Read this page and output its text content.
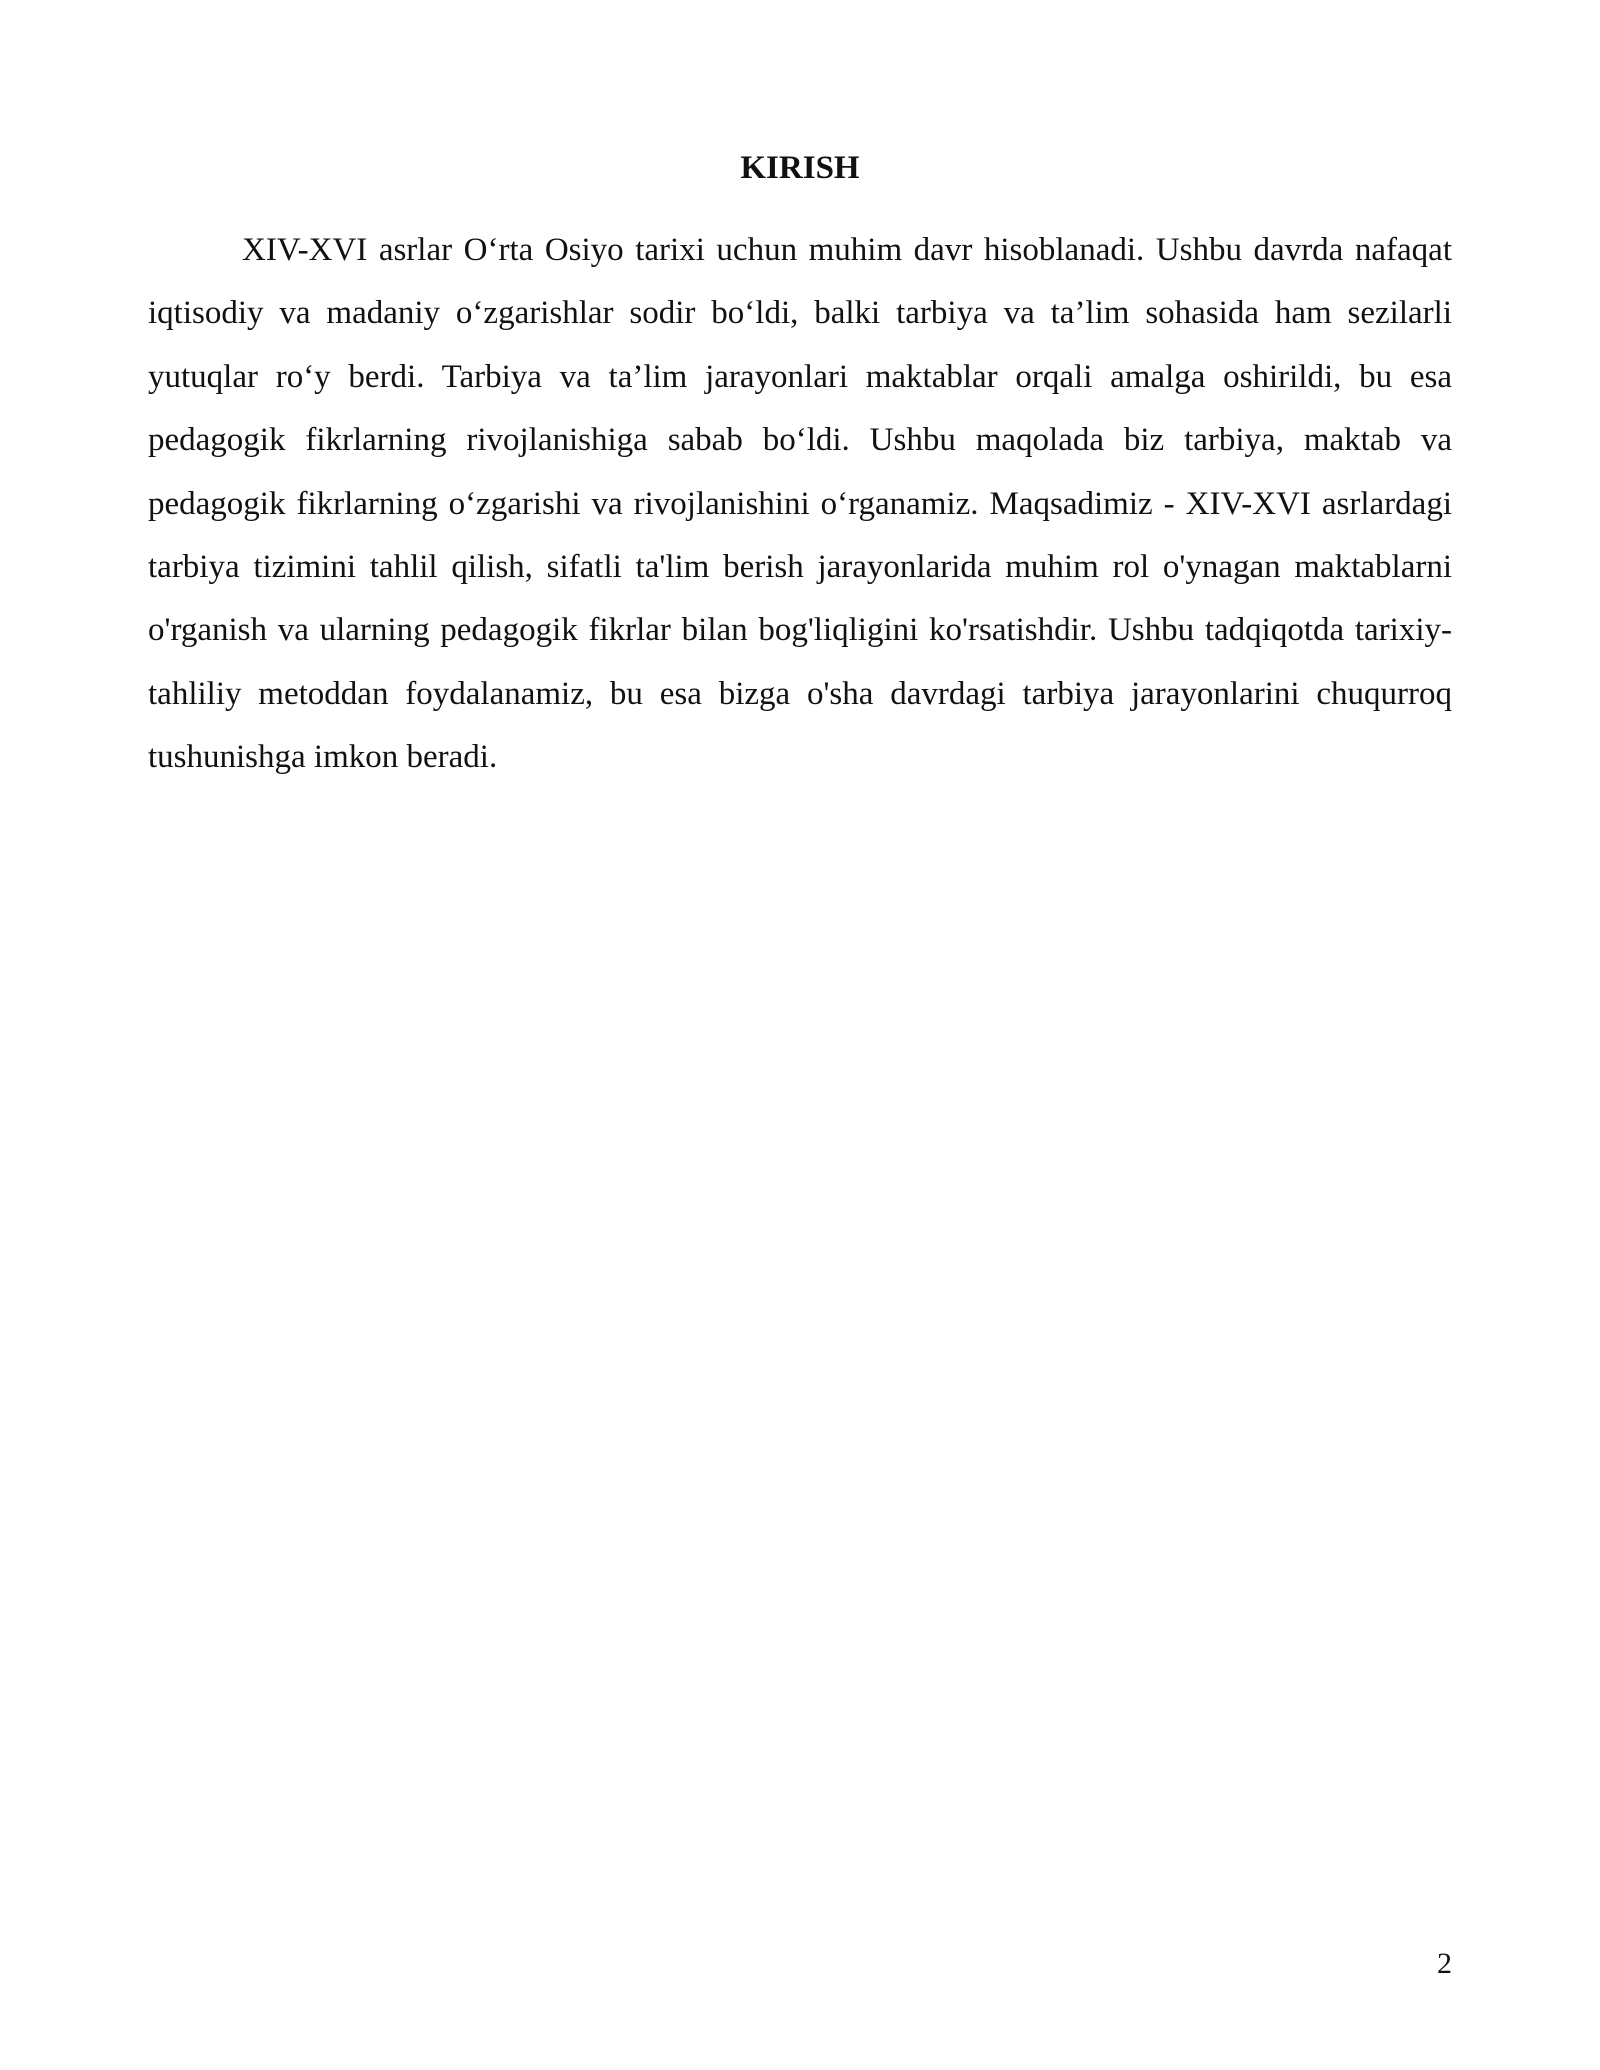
KIRISH

XIV-XVI asrlar O‘rta Osiyo tarixi uchun muhim davr hisoblanadi. Ushbu davrda nafaqat iqtisodiy va madaniy o‘zgarishlar sodir bo‘ldi, balki tarbiya va ta’lim sohasida ham sezilarli yutuqlar ro‘y berdi. Tarbiya va ta’lim jarayonlari maktablar orqali amalga oshirildi, bu esa pedagogik fikrlarning rivojlanishiga sabab bo‘ldi. Ushbu maqolada biz tarbiya, maktab va pedagogik fikrlarning o‘zgarishi va rivojlanishini o‘rganamiz. Maqsadimiz - XIV-XVI asrlardagi tarbiya tizimini tahlil qilish, sifatli ta'lim berish jarayonlarida muhim rol o'ynagan maktablarni o'rganish va ularning pedagogik fikrlar bilan bog'liqligini ko'rsatishdir. Ushbu tadqiqotda tarixiy-tahliliy metoddan foydalanamiz, bu esa bizga o'sha davrdagi tarbiya jarayonlarini chuqurroq tushunishga imkon beradi.

2
